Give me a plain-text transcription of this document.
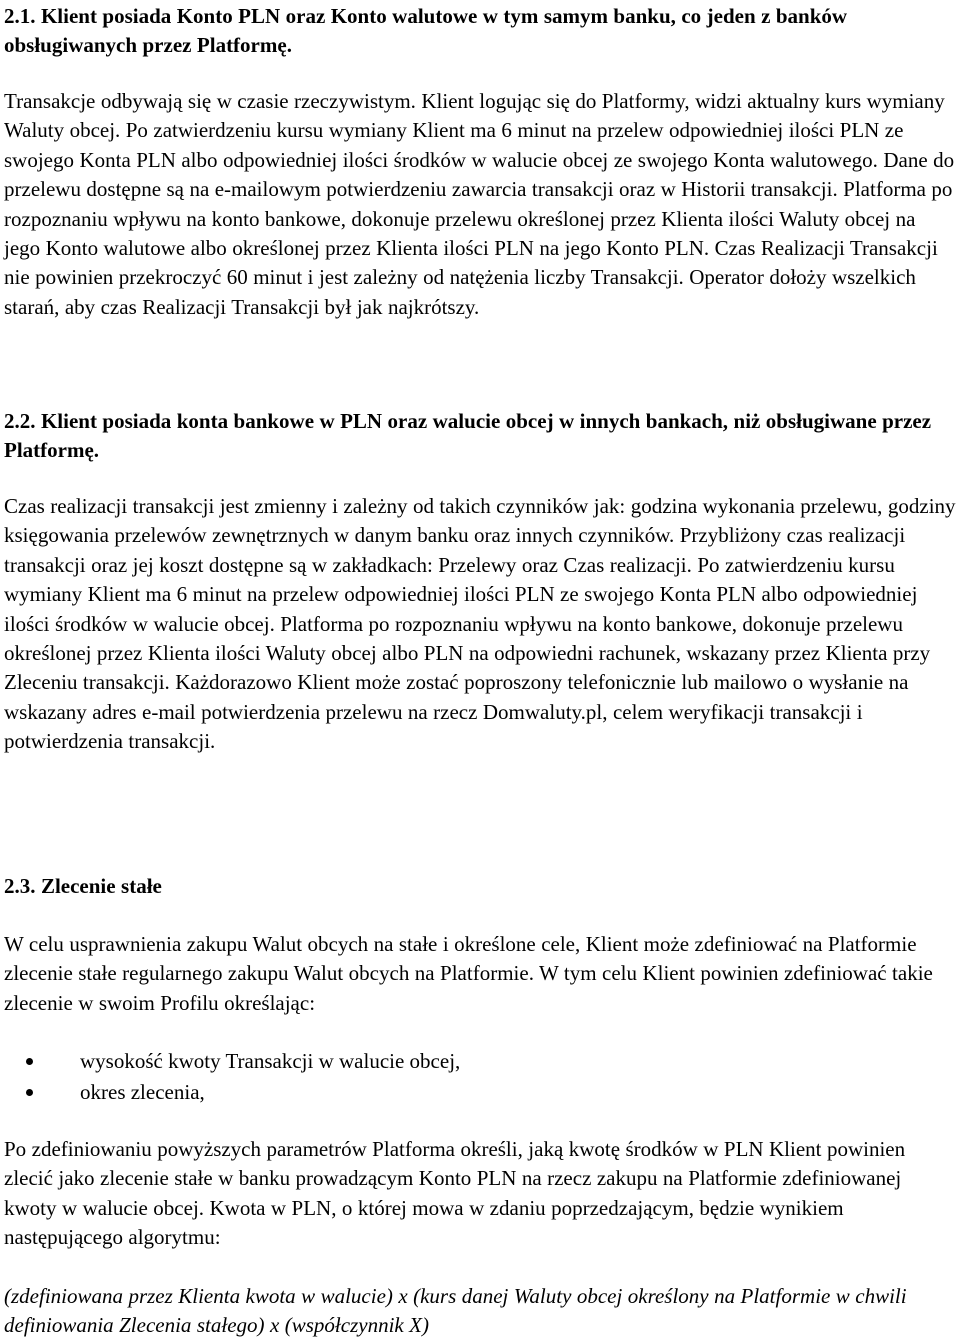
2.1. Klient posiada Konto PLN oraz Konto walutowe w tym samym banku, co jeden z banków obsługiwanych przez Platformę.

Transakcje odbywają się w czasie rzeczywistym. Klient logując się do Platformy, widzi aktualny kurs wymiany Waluty obcej. Po zatwierdzeniu kursu wymiany Klient ma 6 minut na przelew odpowiedniej ilości PLN ze swojego Konta PLN albo odpowiedniej ilości środków w walucie obcej ze swojego Konta walutowego. Dane do przelewu dostępne są na e-mailowym potwierdzeniu zawarcia transakcji oraz w Historii transakcji. Platforma po rozpoznaniu wpływu na konto bankowe, dokonuje przelewu określonej przez Klienta ilości Waluty obcej na jego Konto walutowe albo określonej przez Klienta ilości PLN na jego Konto PLN. Czas Realizacji Transakcji nie powinien przekroczyć 60 minut i jest zależny od natężenia liczby Transakcji. Operator dołoży wszelkich starań, aby czas Realizacji Transakcji był jak najkrótszy.

2.2. Klient posiada konta bankowe w PLN oraz walucie obcej w innych bankach, niż obsługiwane przez Platformę.

Czas realizacji transakcji jest zmienny i zależny od takich czynników jak: godzina wykonania przelewu, godziny księgowania przelewów zewnętrznych w danym banku oraz innych czynników. Przybliżony czas realizacji transakcji oraz jej koszt dostępne są w zakładkach: Przelewy oraz Czas realizacji. Po zatwierdzeniu kursu wymiany Klient ma 6 minut na przelew odpowiedniej ilości PLN ze swojego Konta PLN albo odpowiedniej ilości środków w walucie obcej. Platforma po rozpoznaniu wpływu na konto bankowe, dokonuje przelewu określonej przez Klienta ilości Waluty obcej albo PLN na odpowiedni rachunek, wskazany przez Klienta przy Zleceniu transakcji. Każdorazowo Klient może zostać poproszony telefonicznie lub mailowo o wysłanie na wskazany adres e-mail potwierdzenia przelewu na rzecz Domwaluty.pl, celem weryfikacji transakcji i potwierdzenia transakcji.

2.3. Zlecenie stałe

W celu usprawnienia zakupu Walut obcych na stałe i określone cele, Klient może zdefiniować na Platformie zlecenie stałe regularnego zakupu Walut obcych na Platformie. W tym celu Klient powinien zdefiniować takie zlecenie w swoim Profilu określając:

wysokość kwoty Transakcji w walucie obcej,
okres zlecenia,

Po zdefiniowaniu powyższych parametrów Platforma określi, jaką kwotę środków w PLN Klient powinien zlecić jako zlecenie stałe w banku prowadzącym Konto PLN na rzecz zakupu na Platformie zdefiniowanej kwoty w walucie obcej. Kwota w PLN, o której mowa w zdaniu poprzedzającym, będzie wynikiem następującego algorytmu:

(zdefiniowana przez Klienta kwota w walucie) x (kurs danej Waluty obcej określony na Platformie w chwili definiowania Zlecenia stałego) x (współczynnik X)
